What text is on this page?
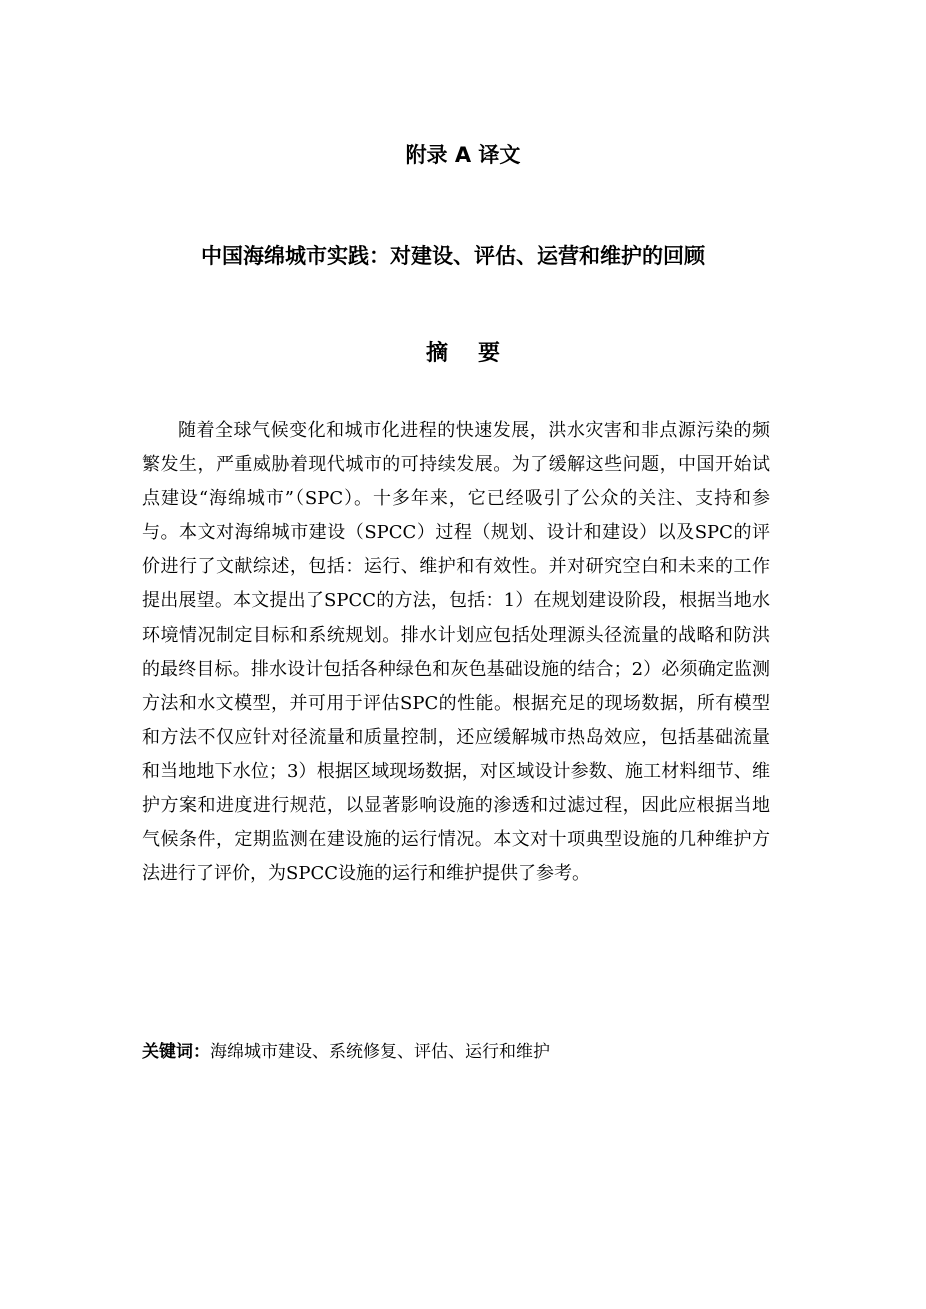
附录 A 译文
中国海绵城市实践：对建设、评估、运营和维护的回顾
摘要

随着全球气候变化和城市化进程的快速发展，洪水灾害和非点源污染的频繁发生，严重威胁着现代城市的可持续发展。为了缓解这些问题，中国开始试点建设“海绵城市”（SPC）。十多年来，它已经吸引了公众的关注、支持和参与。本文对海绵城市建设（SPCC）过程（规划、设计和建设）以及SPC的评价进行了文献综述，包括：运行、维护和有效性。并对研究空白和未来的工作提出展望。本文提出了SPCC的方法，包括：1）在规划建设阶段，根据当地水环境情况制定目标和系统规划。排水计划应包括处理源头径流量的战略和防洪的最终目标。排水设计包括各种绿色和灰色基础设施的结合；2）必须确定监测方法和水文模型，并可用于评估SPC的性能。根据充足的现场数据，所有模型和方法不仅应针对径流量和质量控制，还应缓解城市热岛效应，包括基础流量和当地地下水位；3）根据区域现场数据，对区域设计参数、施工材料细节、维护方案和进度进行规范，以显著影响设施的渗透和过滤过程，因此应根据当地气候条件，定期监测在建设施的运行情况。本文对十项典型设施的几种维护方法进行了评价，为SPCC设施的运行和维护提供了参考。

关键词：海绵城市建设、系统修复、评估、运行和维护
